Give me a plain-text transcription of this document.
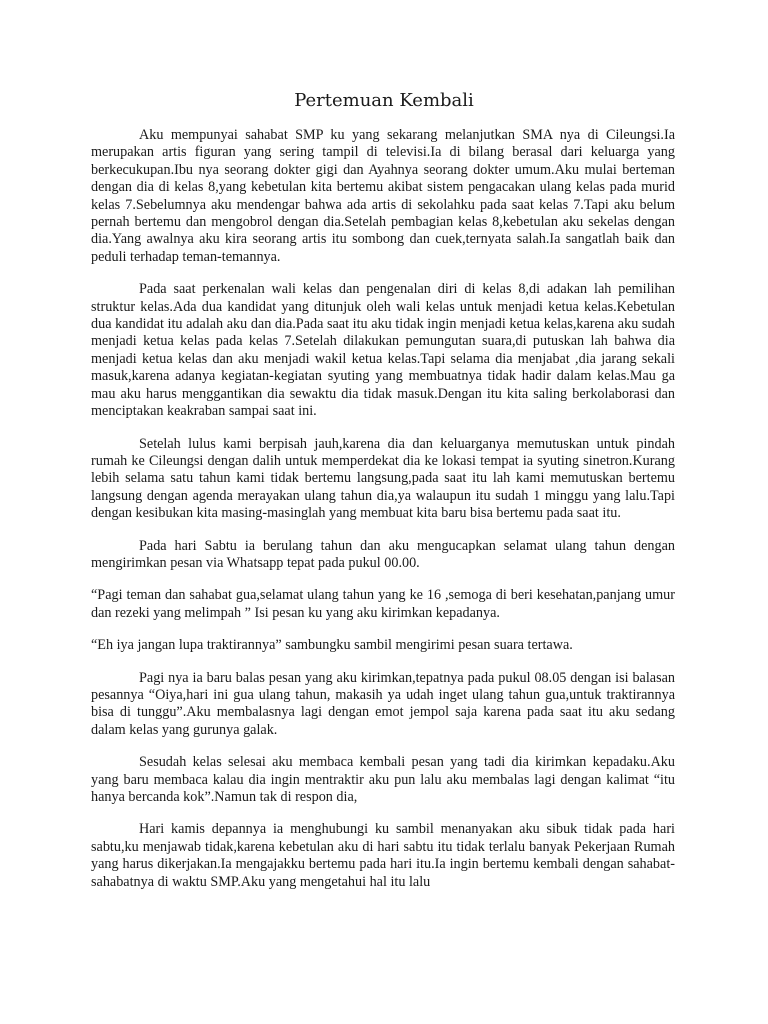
Pertemuan Kembali

Aku mempunyai sahabat SMP ku yang sekarang melanjutkan SMA nya di Cileungsi.Ia merupakan artis figuran yang sering tampil di televisi.Ia di bilang berasal dari keluarga yang berkecukupan.Ibu nya seorang dokter gigi dan Ayahnya seorang dokter umum.Aku mulai berteman dengan dia di kelas 8,yang kebetulan kita bertemu akibat sistem pengacakan ulang kelas pada murid kelas 7.Sebelumnya aku mendengar bahwa ada artis di sekolahku pada saat kelas 7.Tapi aku belum pernah bertemu dan mengobrol dengan dia.Setelah pembagian kelas 8,kebetulan aku sekelas dengan dia.Yang awalnya aku kira seorang artis itu sombong dan cuek,ternyata salah.Ia sangatlah baik dan peduli terhadap teman-temannya.

Pada saat perkenalan wali kelas dan pengenalan diri di kelas 8,di adakan lah pemilihan struktur kelas.Ada dua kandidat yang ditunjuk oleh wali kelas untuk menjadi ketua kelas.Kebetulan dua kandidat itu adalah aku dan dia.Pada saat itu aku tidak ingin menjadi ketua kelas,karena aku sudah menjadi ketua kelas pada kelas 7.Setelah dilakukan pemungutan suara,di putuskan lah bahwa dia menjadi ketua kelas dan aku menjadi wakil ketua kelas.Tapi selama dia menjabat ,dia jarang sekali masuk,karena adanya kegiatan-kegiatan syuting yang membuatnya tidak hadir dalam kelas.Mau ga mau aku harus menggantikan dia sewaktu dia tidak masuk.Dengan itu kita saling berkolaborasi dan menciptakan keakraban sampai saat ini.

Setelah lulus kami berpisah jauh,karena dia dan keluarganya memutuskan untuk pindah rumah ke Cileungsi dengan dalih untuk memperdekat dia ke lokasi tempat ia syuting sinetron.Kurang lebih selama satu tahun kami tidak bertemu langsung,pada saat itu lah kami memutuskan bertemu langsung dengan agenda merayakan ulang tahun dia,ya walaupun itu sudah 1 minggu yang lalu.Tapi dengan kesibukan kita masing-masinglah yang membuat kita baru bisa bertemu pada saat itu.

Pada hari Sabtu ia berulang tahun dan aku mengucapkan selamat ulang tahun dengan mengirimkan pesan via Whatsapp tepat pada pukul 00.00.

“Pagi teman dan sahabat gua,selamat ulang tahun yang ke 16 ,semoga di beri kesehatan,panjang umur dan rezeki yang melimpah ” Isi pesan ku yang aku kirimkan kepadanya.

“Eh iya jangan lupa traktirannya” sambungku sambil mengirimi pesan suara tertawa.

Pagi nya ia baru balas pesan yang aku kirimkan,tepatnya pada pukul 08.05 dengan isi balasan pesannya “Oiya,hari ini gua ulang tahun, makasih ya udah inget ulang tahun gua,untuk traktirannya bisa di tunggu”.Aku membalasnya lagi dengan emot jempol saja karena pada saat itu aku sedang dalam kelas yang gurunya galak.

Sesudah kelas selesai aku membaca kembali pesan yang tadi dia kirimkan kepadaku.Aku yang baru membaca kalau dia ingin mentraktir aku pun lalu aku membalas lagi dengan kalimat “itu hanya bercanda kok”.Namun tak di respon dia,

Hari kamis depannya ia menghubungi ku sambil menanyakan aku sibuk tidak pada hari sabtu,ku menjawab tidak,karena kebetulan aku di hari sabtu itu tidak terlalu banyak Pekerjaan Rumah yang harus dikerjakan.Ia mengajakku bertemu pada hari itu.Ia ingin bertemu kembali dengan sahabat-sahabatnya di waktu SMP.Aku yang mengetahui hal itu lalu
